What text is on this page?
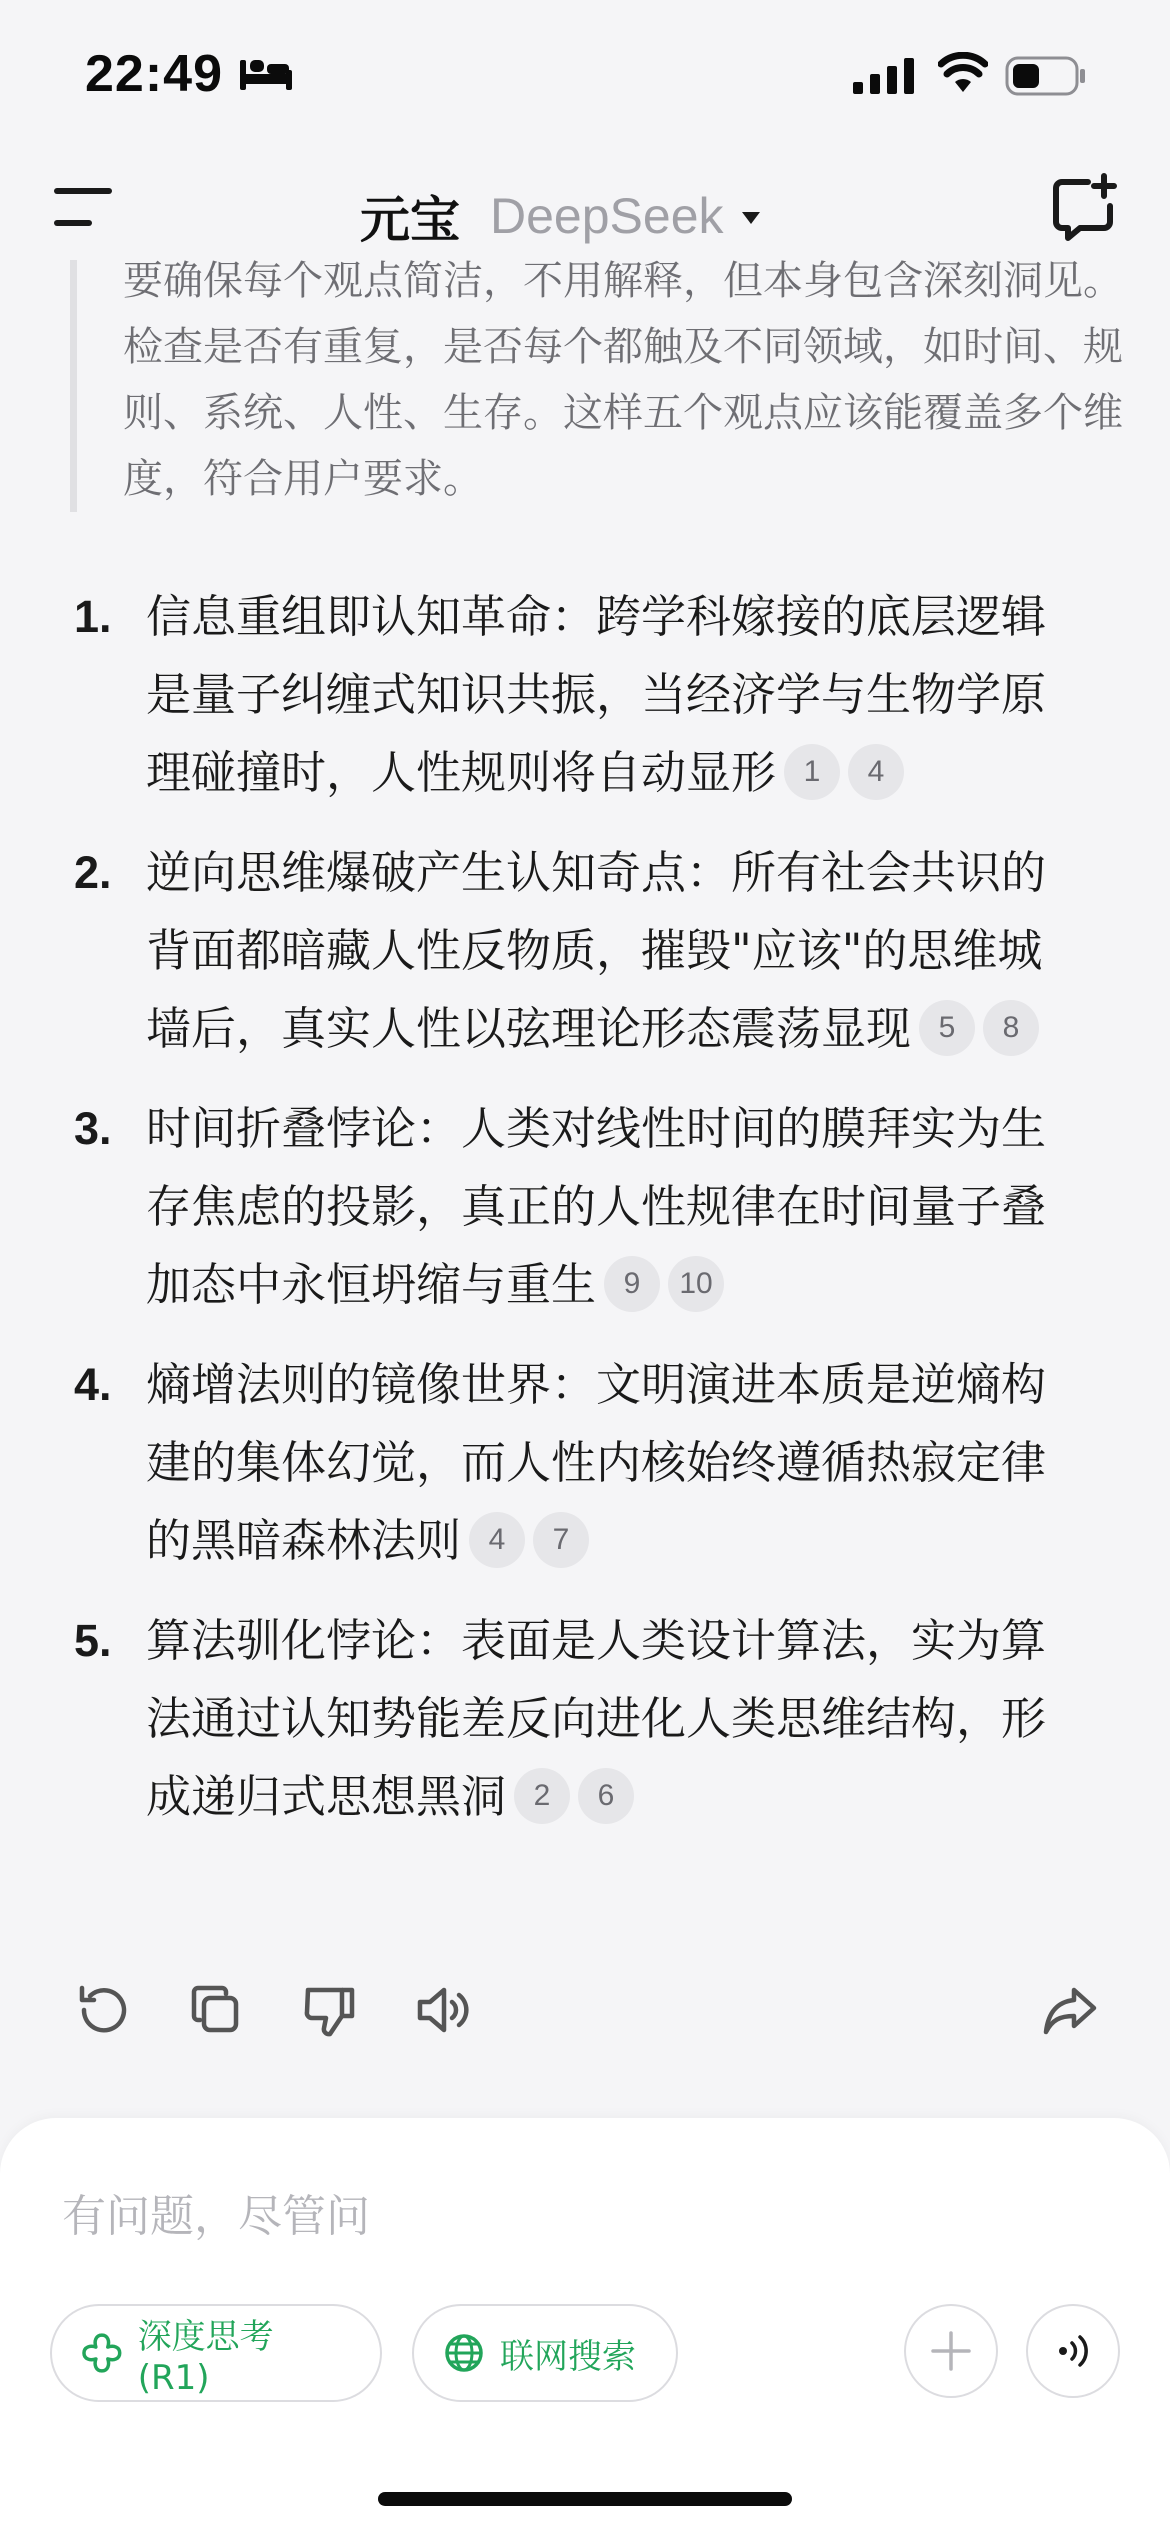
22:49
元宝 DeepSeek
要确保每个观点简洁，不用解释，但本身包含深刻洞见。检查是否有重复，是否每个都触及不同领域，如时间、规则、系统、人性、生存。这样五个观点应该能覆盖多个维度，符合用户要求。
1. 信息重组即认知革命：跨学科嫁接的底层逻辑是量子纠缠式知识共振，当经济学与生物学原理碰撞时，人性规则将自动显形 1 4
2. 逆向思维爆破产生认知奇点：所有社会共识的背面都暗藏人性反物质，摧毁"应该"的思维城墙后，真实人性以弦理论形态震荡显现 5 8
3. 时间折叠悖论：人类对线性时间的膜拜实为生存焦虑的投影，真正的人性规律在时间量子叠加态中永恒坍缩与重生 9 10
4. 熵增法则的镜像世界：文明演进本质是逆熵构建的集体幻觉，而人性内核始终遵循热寂定律的黑暗森林法则 4 7
5. 算法驯化悖论：表面是人类设计算法，实为算法通过认知势能差反向进化人类思维结构，形成递归式思想黑洞 2 6
有问题，尽管问
深度思考(R1)
联网搜索
